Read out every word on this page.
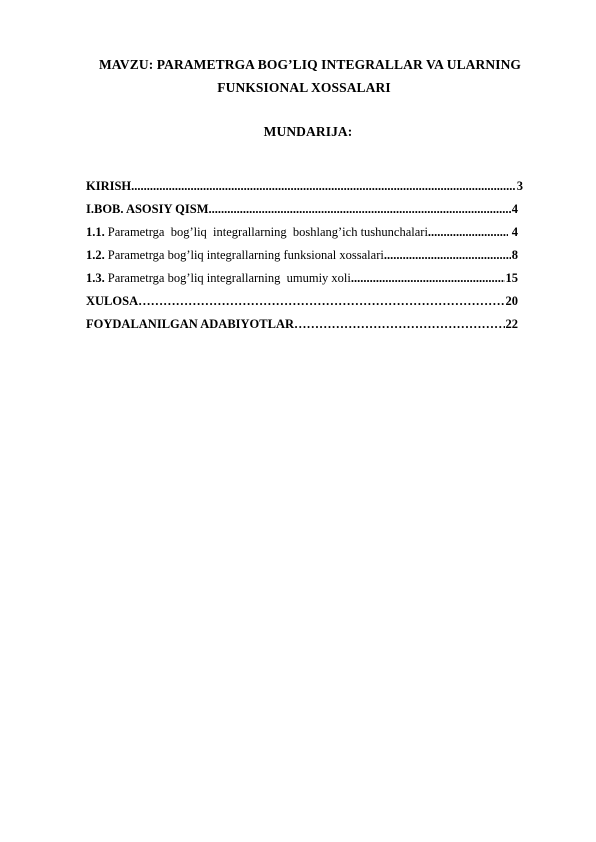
MAVZU: PARAMETRGA BOG’LIQ INTEGRALLAR VA ULARNING
FUNKSIONAL XOSSALARI
MUNDARIJA:
KIRISH .....	3
I.BOB. ASOSIY QISM .....	4
1.1. Parametrga  bog’liq  integrallarning  boshlang’ich tushunchalari .....	4
1.2. Parametrga bog’liq integrallarning funksional xossalari .....	8
1.3. Parametrga bog’liq integrallarning  umumiy xoli .....	15
XULOSA ………………………………………………………………………………………………………………………………	20
FOYDALANILGAN ADABIYOTLAR ………………………………………………………………………………………………………………………………	22
